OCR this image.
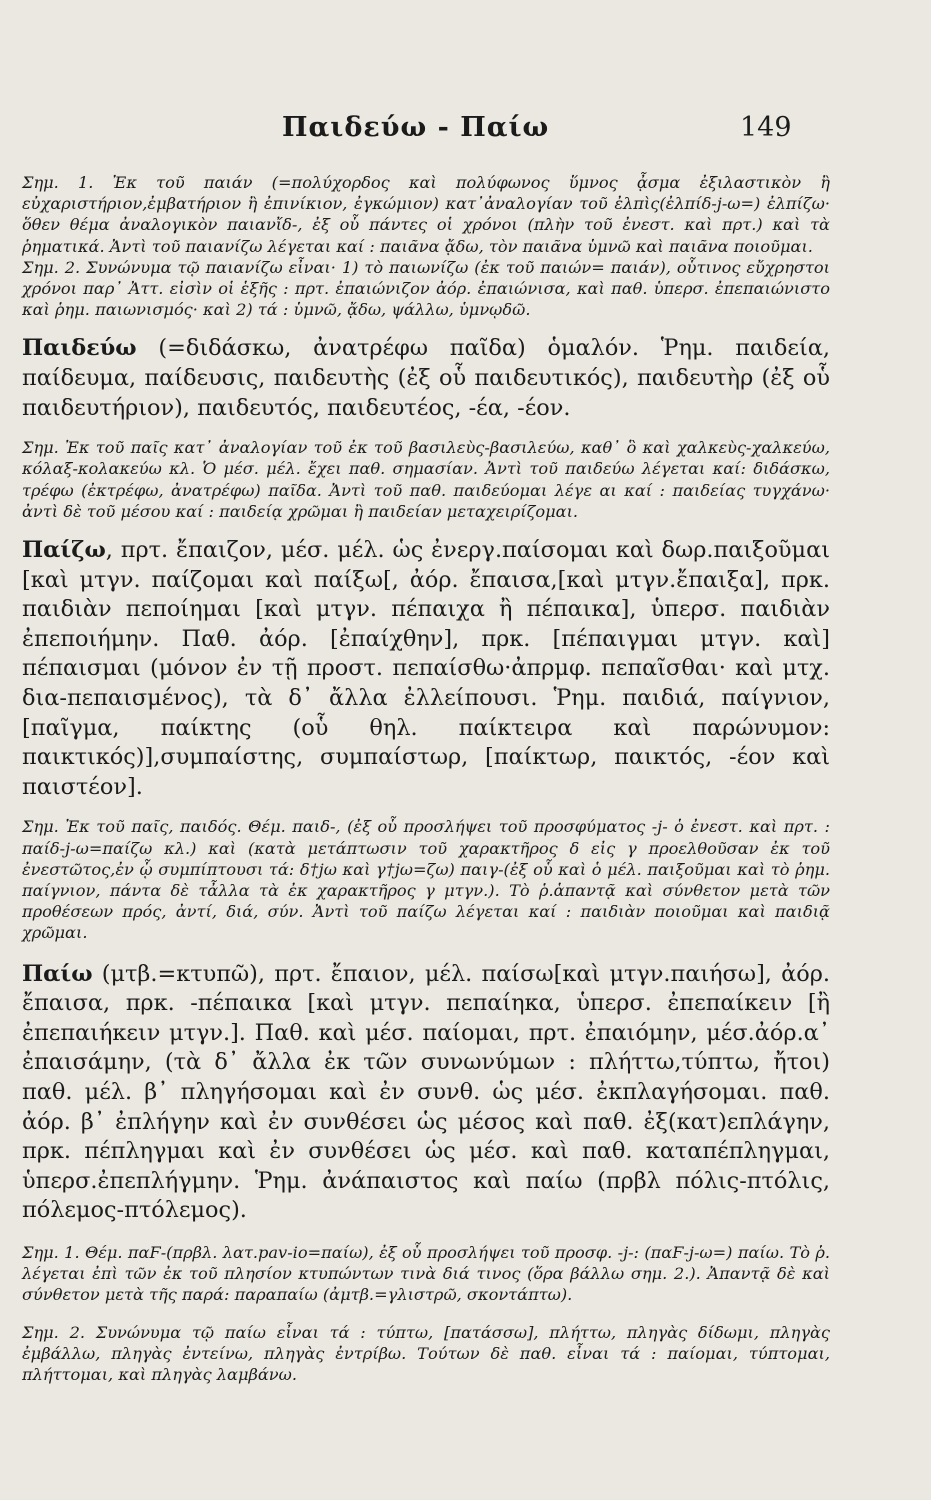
Παιδεύω - Παίω	149

Σημ. 1. Ἐκ τοῦ παιάν (=πολύχορδος καὶ πολύφωνος ὕμνος ᾆσμα ἐξιλαστικὸν ἢ εὐχαριστήριον,ἐμβατήριον ἢ ἐπινίκιον, ἐγκώμιον) κατ᾽ἀναλογίαν τοῦ ἐλπὶς(ἐλπίδ-j-ω=) ἐλπίζω· ὅθεν θέμα ἀναλογικὸν παιανἴδ-, ἐξ οὗ πάντες οἱ χρόνοι (πλὴν τοῦ ἐνεστ. καὶ πρτ.) καὶ τὰ ῥηματικά. Ἀντὶ τοῦ παιανίζω λέγεται καί : παιᾶνα ᾄδω, τὸν παιᾶνα ὑμνῶ καὶ παιᾶνα ποιοῦμαι.

Σημ. 2. Συνώνυμα τῷ παιανίζω εἶναι· 1) τὸ παιωνίζω (ἐκ τοῦ παιών= παιάν), οὗτινος εὔχρηστοι χρόνοι παρ᾽ Ἀττ. εἰσὶν οἱ ἑξῆς : πρτ. ἐπαιώνιζον ἀόρ. ἐπαιώνισα, καὶ παθ. ὑπερσ. ἐπεπαιώνιστο καὶ ῥημ. παιωνισμός· καὶ 2) τά : ὑμνῶ, ᾄδω, ψάλλω, ὑμνῳδῶ.

Παιδεύω (=διδάσκω, ἀνατρέφω παῖδα) ὁμαλόν. Ῥημ. παιδεία, παίδευμα, παίδευσις, παιδευτὴς (ἐξ οὗ παιδευτικός), παιδευτὴρ (ἐξ οὗ παιδευτήριον), παιδευτός, παιδευτέος, -έα, -έον.

Σημ. Ἐκ τοῦ παῖς κατ᾽ ἀναλογίαν τοῦ ἐκ τοῦ βασιλεὺς-βασιλεύω, καθ᾽ ὃ καὶ χαλκεὺς-χαλκεύω, κόλαξ-κολακεύω κλ. Ὁ μέσ. μέλ. ἔχει παθ. σημασίαν. Ἀντὶ τοῦ παιδεύω λέγεται καί: διδάσκω, τρέφω (ἐκτρέφω, ἀνατρέφω) παῖδα. Ἀντὶ τοῦ παθ. παιδεύομαι λέγε αι καί : παιδείας τυγχάνω· ἀντὶ δὲ τοῦ μέσου καί : παιδείᾳ χρῶμαι ἢ παιδείαν μεταχειρίζομαι.

Παίζω, πρτ. ἔπαιζον, μέσ. μέλ. ὡς ἐνεργ.παίσομαι καὶ δωρ.παιξοῦμαι [καὶ μτγν. παίζομαι καὶ παίξω[, ἀόρ. ἔπαισα,[καὶ μτγν.ἔπαιξα], πρκ. παιδιὰν πεποίημαι [καὶ μτγν. πέπαιχα ἢ πέπαικα], ὑπερσ. παιδιὰν ἐπεποιήμην. Παθ. ἀόρ. [ἐπαίχθην], πρκ. [πέπαιγμαι μτγν. καὶ] πέπαισμαι (μόνον ἐν τῇ προστ. πεπαίσθω·ἀπρμφ. πεπαῖσθαι· καὶ μτχ. δια-πεπαισμένος), τὰ δ᾽ ἄλλα ἐλλείπουσι. Ῥημ. παιδιά, παίγνιον, [παῖγμα, παίκτης (οὗ θηλ. παίκτειρα καὶ παρώνυμον: παικτικός)],συμπαίστης, συμπαίστωρ, [παίκτωρ, παικτός, -έον καὶ παιστέον].

Σημ. Ἐκ τοῦ παῖς, παιδός. Θέμ. παιδ-, (ἐξ οὗ προσλήψει τοῦ προσφύματος -j- ὁ ἐνεστ. καὶ πρτ. : παίδ-j-ω=παίζω κλ.) καὶ (κατὰ μετάπτωσιν τοῦ χαρακτῆρος δ εἰς γ προελθοῦσαν ἐκ τοῦ ἐνεστῶτος,ἐν ᾧ συμπίπτουσι τά: δ†jω καὶ γ†jω=ζω) παιγ-(ἐξ οὗ καὶ ὁ μέλ. παιξοῦμαι καὶ τὸ ῥημ. παίγνιον, πάντα δὲ τἆλλα τὰ ἐκ χαρακτῆρος γ μτγν.). Τὸ ῥ.ἁπαντᾷ καὶ σύνθετον μετὰ τῶν προθέσεων πρός, ἀντί, διά, σύν. Ἀντὶ τοῦ παίζω λέγεται καί : παιδιὰν ποιοῦμαι καὶ παιδιᾷ χρῶμαι.

Παίω (μτβ.=κτυπῶ), πρτ. ἔπαιον, μέλ. παίσω[καὶ μτγν.παιήσω], ἀόρ. ἔπαισα, πρκ. -πέπαικα [καὶ μτγν. πεπαίηκα, ὑπερσ. ἐπεπαίκειν [ἢ ἐπεπαιήκειν μτγν.]. Παθ. καὶ μέσ. παίομαι, πρτ. ἐπαιόμην, μέσ.ἀόρ.α᾽ ἐπαισάμην, (τὰ δ᾽ ἄλλα ἐκ τῶν συνωνύμων : πλήττω,τύπτω, ἤτοι) παθ. μέλ. β᾽ πληγήσομαι καὶ ἐν συνθ. ὡς μέσ. ἐκπλαγήσομαι. παθ. ἀόρ. β᾽ ἐπλήγην καὶ ἐν συνθέσει ὡς μέσος καὶ παθ. ἐξ(κατ)επλάγην, πρκ. πέπληγμαι καὶ ἐν συνθέσει ὡς μέσ. καὶ παθ. καταπέπληγμαι, ὑπερσ.ἐπεπλήγμην. Ῥημ. ἀνάπαιστος καὶ παίω (πρβλ πόλις-πτόλις, πόλεμος-πτόλεμος).

Σημ. 1. Θέμ. παϜ-(πρβλ. λατ.pav-io=παίω), ἐξ οὗ προσλήψει τοῦ προσφ. -j-: (παϜ-j-ω=) παίω. Τὸ ῥ. λέγεται ἐπὶ τῶν ἐκ τοῦ πλησίον κτυπώντων τινὰ διά τινος (ὅρα βάλλω σημ. 2.). Ἀπαντᾷ δὲ καὶ σύνθετον μετὰ τῆς παρά: παραπαίω (ἀμτβ.=γλιστρῶ, σκοντάπτω).

Σημ. 2. Συνώνυμα τῷ παίω εἶναι τά : τύπτω, [πατάσσω], πλήττω, πληγὰς δίδωμι, πληγὰς ἐμβάλλω, πληγὰς ἐντείνω, πληγὰς ἐντρίβω. Τούτων δὲ παθ. εἶναι τά : παίομαι, τύπτομαι, πλήττομαι, καὶ πληγὰς λαμβάνω.
